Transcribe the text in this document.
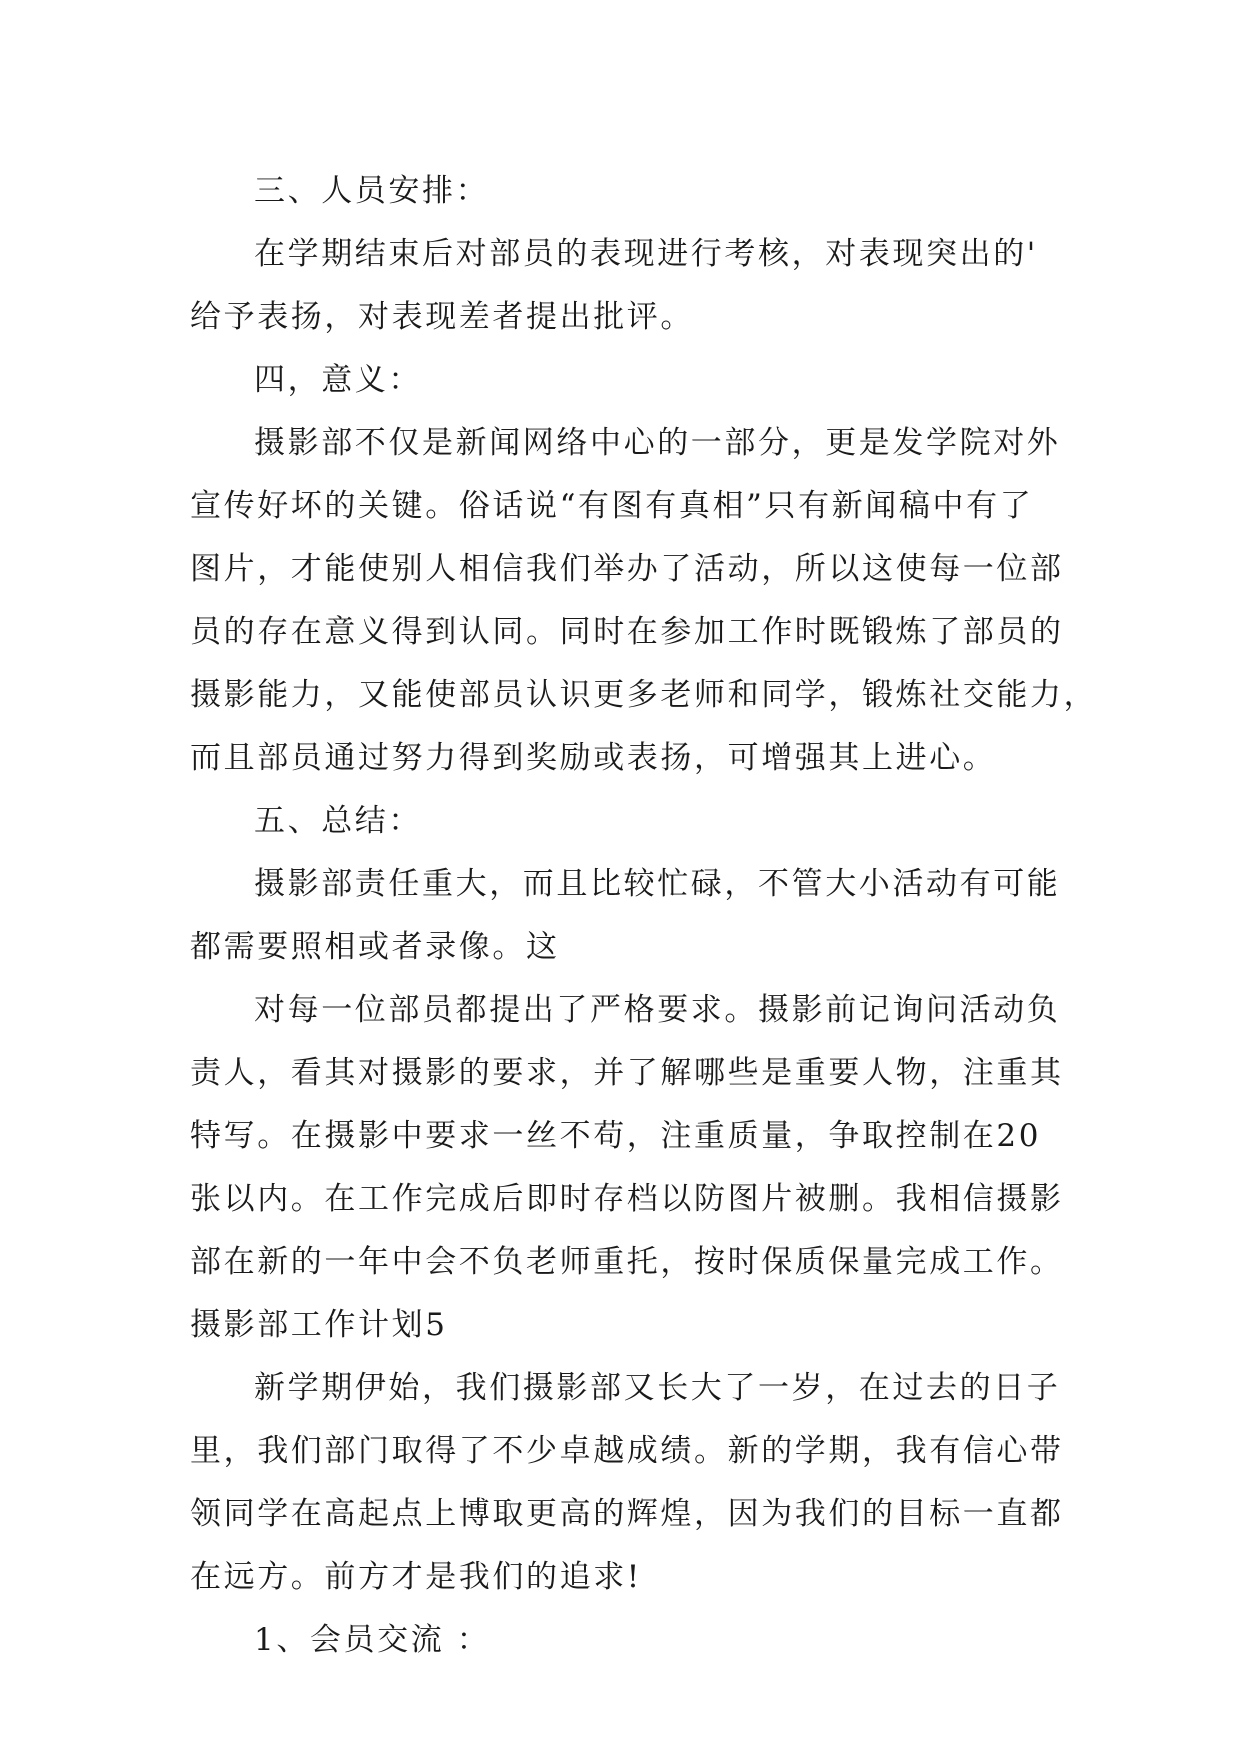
三、人员安排：
在学期结束后对部员的表现进行考核，对表现突出的'
给予表扬，对表现差者提出批评。
四，意义：
摄影部不仅是新闻网络中心的一部分，更是发学院对外
宣传好坏的关键。俗话说“有图有真相”只有新闻稿中有了
图片，才能使别人相信我们举办了活动，所以这使每一位部
员的存在意义得到认同。同时在参加工作时既锻炼了部员的
摄影能力，又能使部员认识更多老师和同学，锻炼社交能力，
而且部员通过努力得到奖励或表扬，可增强其上进心。
五、总结：
摄影部责任重大，而且比较忙碌，不管大小活动有可能
都需要照相或者录像。这
对每一位部员都提出了严格要求。摄影前记询问活动负
责人，看其对摄影的要求，并了解哪些是重要人物，注重其
特写。在摄影中要求一丝不苟，注重质量，争取控制在20
张以内。在工作完成后即时存档以防图片被删。我相信摄影
部在新的一年中会不负老师重托，按时保质保量完成工作。
摄影部工作计划5
新学期伊始，我们摄影部又长大了一岁，在过去的日子
里，我们部门取得了不少卓越成绩。新的学期，我有信心带
领同学在高起点上博取更高的辉煌，因为我们的目标一直都
在远方。前方才是我们的追求!
1、会员交流 ：
